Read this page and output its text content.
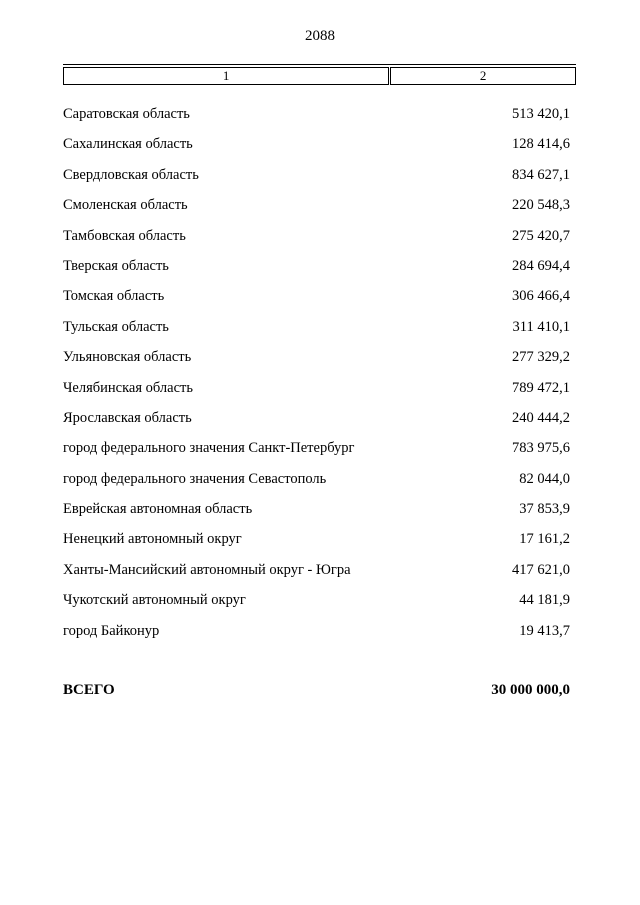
2088
1	2
Саратовская область	513 420,1
Сахалинская область	128 414,6
Свердловская область	834 627,1
Смоленская область	220 548,3
Тамбовская область	275 420,7
Тверская область	284 694,4
Томская область	306 466,4
Тульская область	311 410,1
Ульяновская область	277 329,2
Челябинская область	789 472,1
Ярославская область	240 444,2
город федерального значения Санкт-Петербург	783 975,6
город федерального значения Севастополь	82 044,0
Еврейская автономная область	37 853,9
Ненецкий автономный округ	17 161,2
Ханты-Мансийский автономный округ - Югра	417 621,0
Чукотский автономный округ	44 181,9
город Байконур	19 413,7
ВСЕГО	30 000 000,0
